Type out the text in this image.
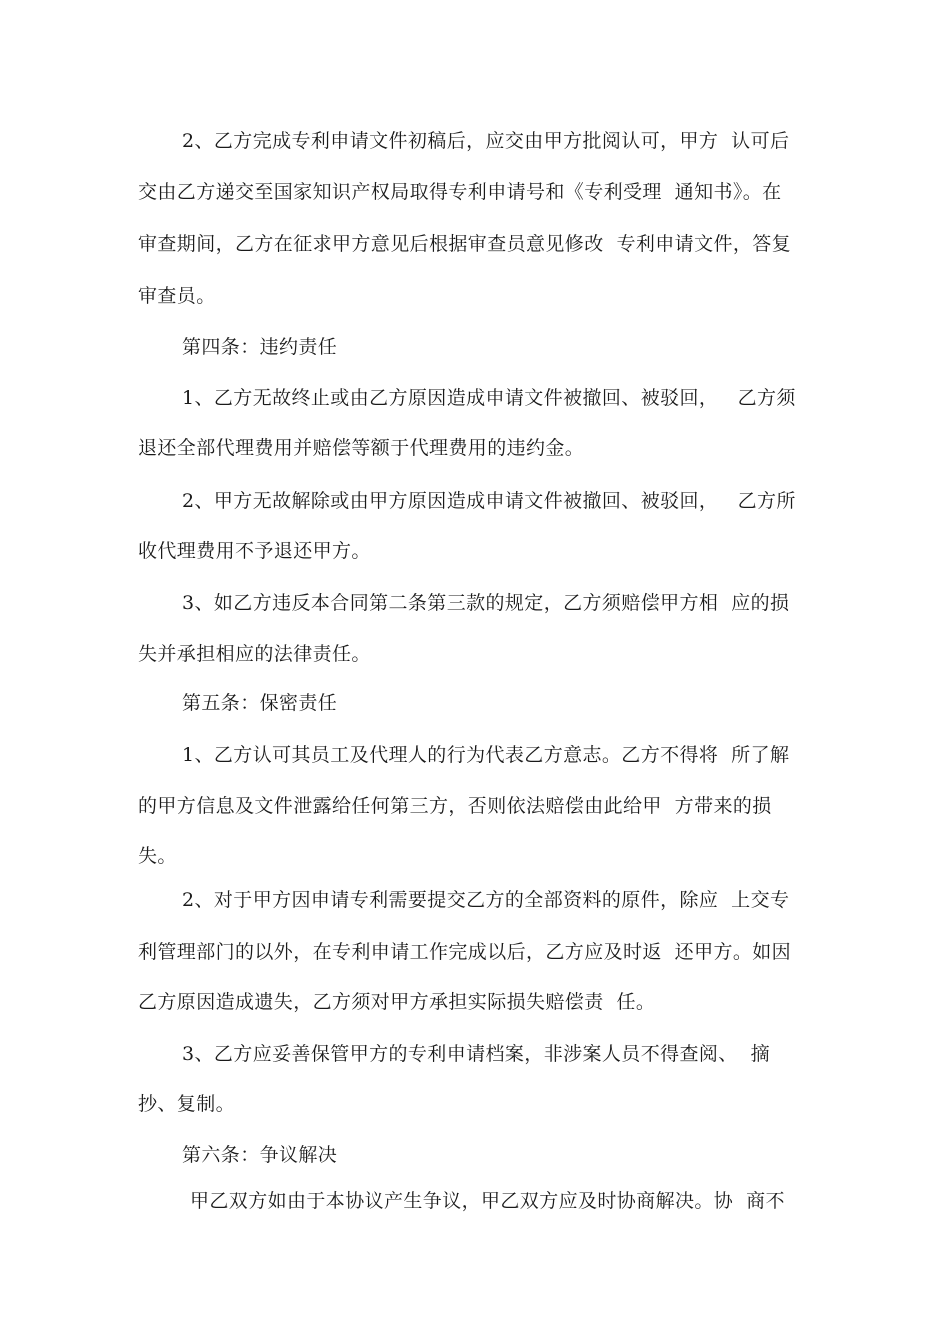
2、乙方完成专利申请文件初稿后，应交由甲方批阅认可，甲方  认可后
交由乙方递交至国家知识产权局取得专利申请号和《专利受理  通知书》。在
审查期间，乙方在征求甲方意见后根据审查员意见修改  专利申请文件，答复
审查员。
第四条：违约责任
1、乙方无故终止或由乙方原因造成申请文件被撤回、被驳回，   乙方须
退还全部代理费用并赔偿等额于代理费用的违约金。
2、甲方无故解除或由甲方原因造成申请文件被撤回、被驳回，   乙方所
收代理费用不予退还甲方。
3、如乙方违反本合同第二条第三款的规定，乙方须赔偿甲方相  应的损
失并承担相应的法律责任。
第五条：保密责任
1、乙方认可其员工及代理人的行为代表乙方意志。乙方不得将  所了解
的甲方信息及文件泄露给任何第三方，否则依法赔偿由此给甲  方带来的损
失。
2、对于甲方因申请专利需要提交乙方的全部资料的原件，除应  上交专
利管理部门的以外，在专利申请工作完成以后，乙方应及时返  还甲方。如因
乙方原因造成遗失，乙方须对甲方承担实际损失赔偿责  任。
3、乙方应妥善保管甲方的专利申请档案，非涉案人员不得查阅、  摘
抄、复制。
第六条：争议解决
甲乙双方如由于本协议产生争议，甲乙双方应及时协商解决。协  商不
